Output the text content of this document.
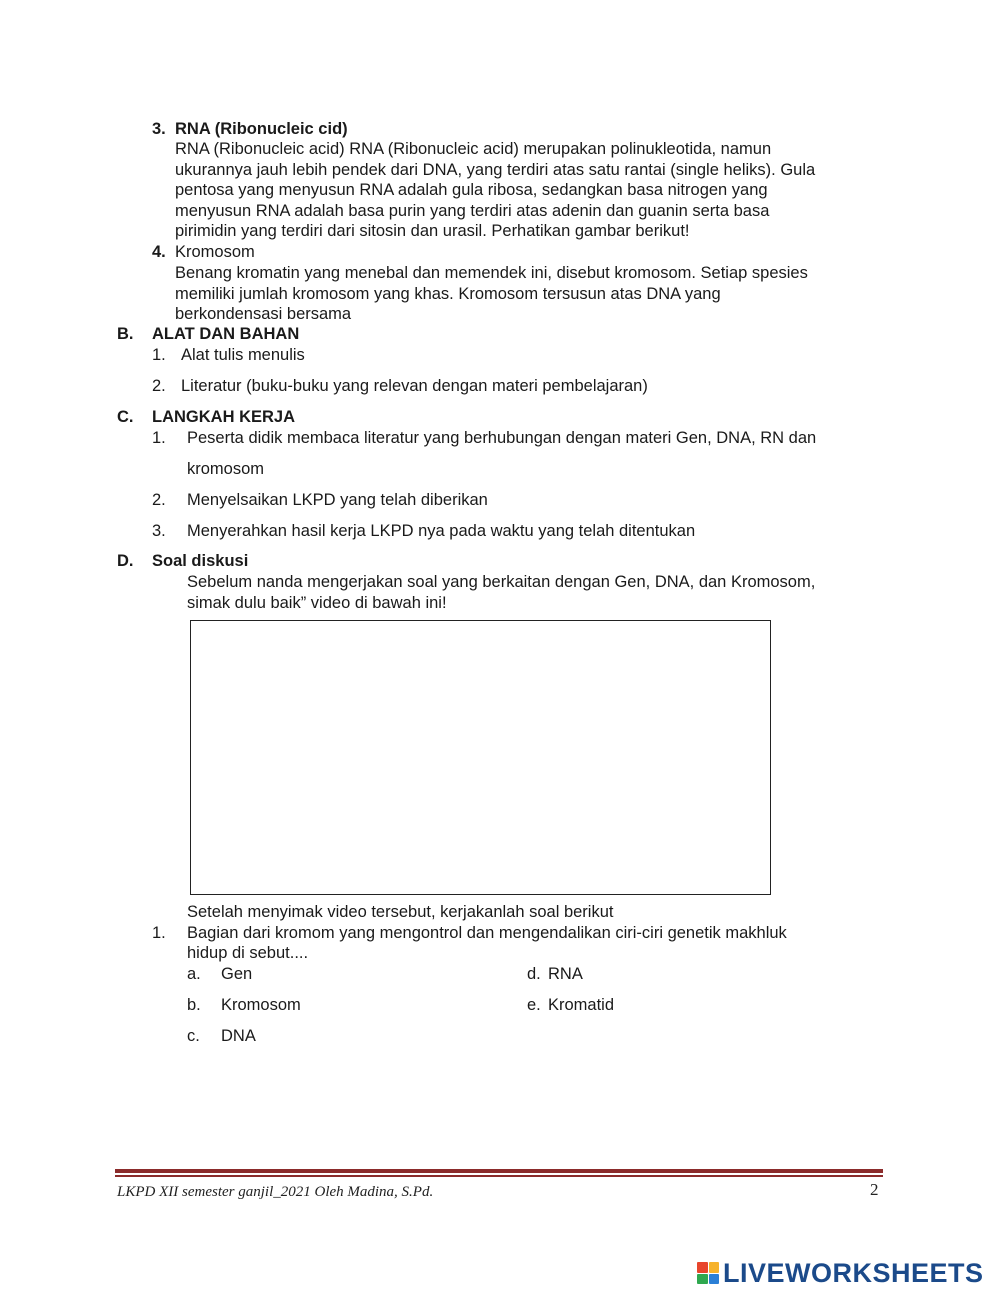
3. RNA (Ribonucleic cid)
RNA (Ribonucleic acid) RNA (Ribonucleic acid) merupakan polinukleotida, namun
ukurannya jauh lebih pendek dari DNA, yang terdiri atas satu rantai (single heliks). Gula
pentosa yang menyusun RNA adalah gula ribosa, sedangkan basa nitrogen yang
menyusun RNA adalah basa purin yang terdiri atas adenin dan guanin serta basa
pirimidin yang terdiri dari sitosin dan urasil. Perhatikan gambar berikut!
4. Kromosom
Benang kromatin yang menebal dan memendek ini, disebut kromosom. Setiap spesies
memiliki jumlah kromosom yang khas. Kromosom tersusun atas DNA yang
berkondensasi bersama
B. ALAT DAN BAHAN
1. Alat tulis menulis
2. Literatur (buku-buku yang relevan dengan materi pembelajaran)
C. LANGKAH KERJA
1. Peserta didik membaca literatur yang berhubungan dengan materi Gen, DNA, RN dan
kromosom
2. Menyelsaikan LKPD yang telah diberikan
3. Menyerahkan hasil kerja LKPD nya pada waktu yang telah ditentukan
D. Soal diskusi
Sebelum nanda mengerjakan soal yang berkaitan dengan Gen, DNA, dan Kromosom,
simak dulu baik” video di bawah ini!
Setelah menyimak video tersebut, kerjakanlah soal berikut
1. Bagian dari kromom yang mengontrol dan mengendalikan ciri-ciri genetik makhluk
hidup di sebut....
a. Gen
b. Kromosom
c. DNA
d. RNA
e. Kromatid
LKPD XII semester ganjil_2021 Oleh Madina, S.Pd.	2
LIVEWORKSHEETS
